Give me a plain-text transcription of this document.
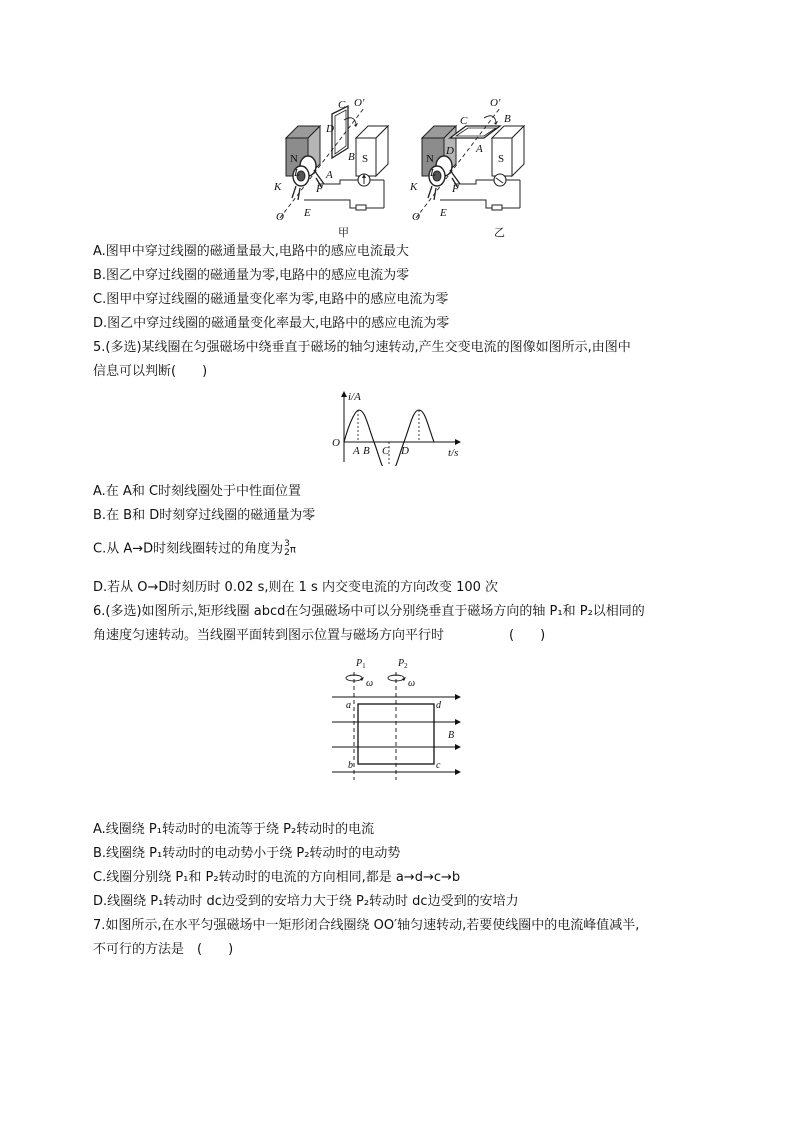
C O′
D
B
A
L
K	F
O E
N	S
甲
C
O′
B
D A
L
K	F
O E
N	S
乙
A.图甲中穿过线圈的磁通量最大,电路中的感应电流最大
B.图乙中穿过线圈的磁通量为零,电路中的感应电流为零
C.图甲中穿过线圈的磁通量变化率为零,电路中的感应电流为零
D.图乙中穿过线圈的磁通量变化率最大,电路中的感应电流为零
5.(多选)某线圈在匀强磁场中绕垂直于磁场的轴匀速转动,产生交变电流的图像如图所示,由图中
信息可以判断(　　)
i/A
t/s
O
A B C D
A.在 A和 C时刻线圈处于中性面位置
B.在 B和 D时刻穿过线圈的磁通量为零
C.从 A→D时刻线圈转过的角度为 3
2 π
D.若从 O→D时刻历时 0.02 s,则在 1 s 内交变电流的方向改变 100 次
6.(多选)如图所示,矩形线圈 abcd在匀强磁场中可以分别绕垂直于磁场方向的轴 P₁和 P₂以相同的
角速度匀速转动。当线圈平面转到图示位置与磁场方向平行时　　　　　(　　)
$P_1$	$P_2$
ω	ω
a	d
b	c
B
A.线圈绕 P₁转动时的电流等于绕 P₂转动时的电流
B.线圈绕 P₁转动时的电动势小于绕 P₂转动时的电动势
C.线圈分别绕 P₁和 P₂转动时的电流的方向相同,都是 a→d→c→b
D.线圈绕 P₁转动时 dc边受到的安培力大于绕 P₂转动时 dc边受到的安培力
7.如图所示,在水平匀强磁场中一矩形闭合线圈绕 OO′轴匀速转动,若要使线圈中的电流峰值减半,
不可行的方法是　(　　)
